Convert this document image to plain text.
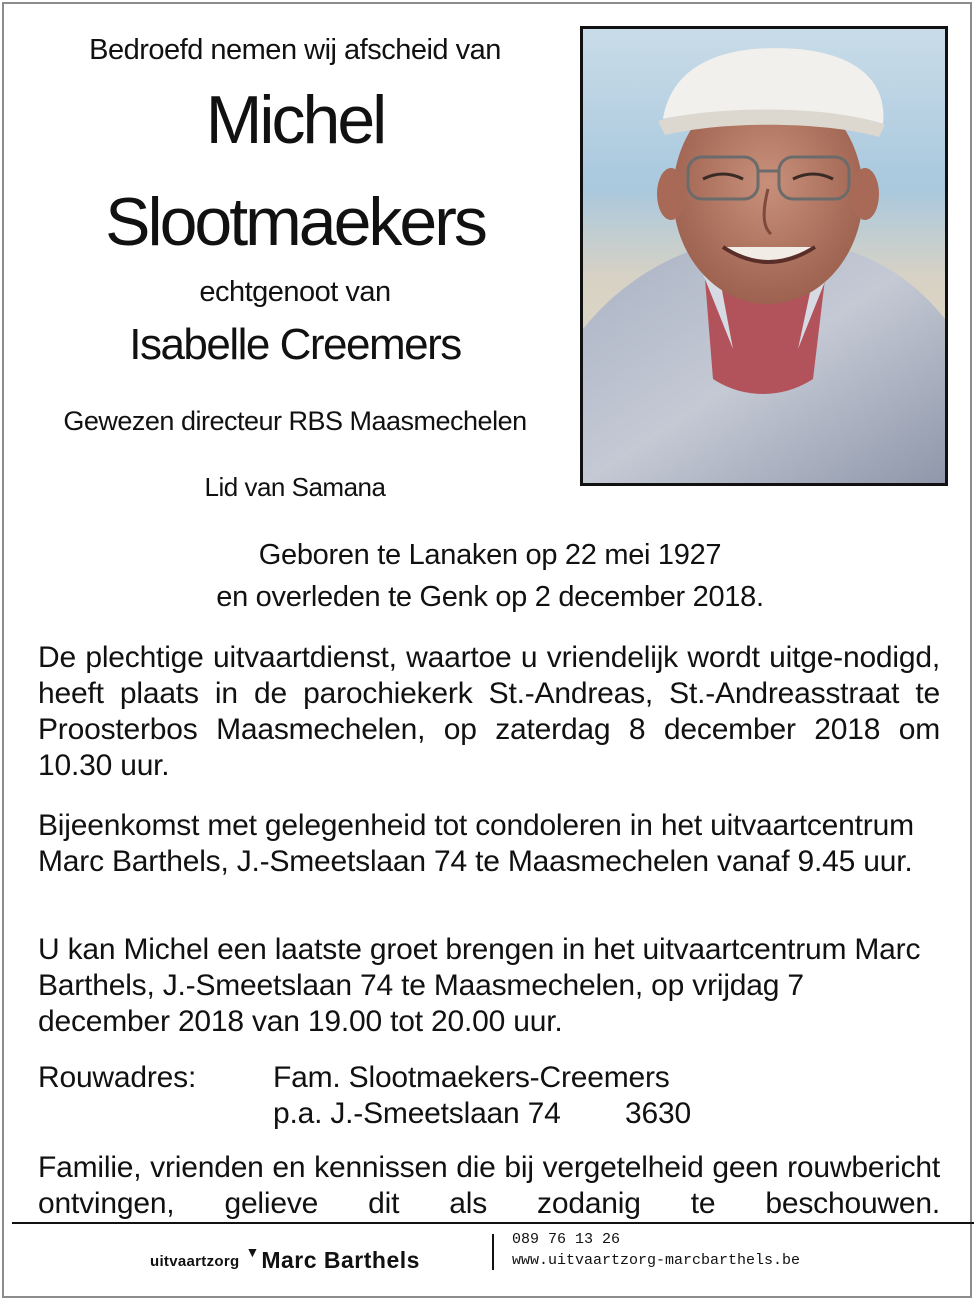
Bedroefd nemen wij afscheid van
Michel
Slootmaekers
echtgenoot van
Isabelle Creemers
Gewezen directeur RBS Maasmechelen
Lid van Samana
Geboren te Lanaken op 22 mei 1927
en overleden te Genk op 2 december 2018.
De plechtige uitvaartdienst, waartoe u vriendelijk wordt uitge-nodigd, heeft plaats in de parochiekerk St.-Andreas, St.-Andreasstraat te Proosterbos Maasmechelen, op zaterdag 8 december 2018 om 10.30 uur.
Bijeenkomst met gelegenheid tot condoleren in het uitvaartcentrum Marc Barthels, J.-Smeetslaan 74 te Maasmechelen vanaf 9.45 uur.
U kan Michel een laatste groet brengen in het uitvaartcentrum Marc Barthels, J.-Smeetslaan 74 te Maasmechelen, op vrijdag 7 december 2018 van 19.00 tot 20.00 uur.
Rouwadres:	Fam. Slootmaekers-Creemers
p.a. J.-Smeetslaan 74	3630
Familie, vrienden en kennissen die bij vergetelheid geen rouwbericht ontvingen, gelieve dit als zodanig te beschouwen.
uitvaartzorg
▼ Marc Barthels
089 76 13 26
www.uitvaartzorg-marcbarthels.be
